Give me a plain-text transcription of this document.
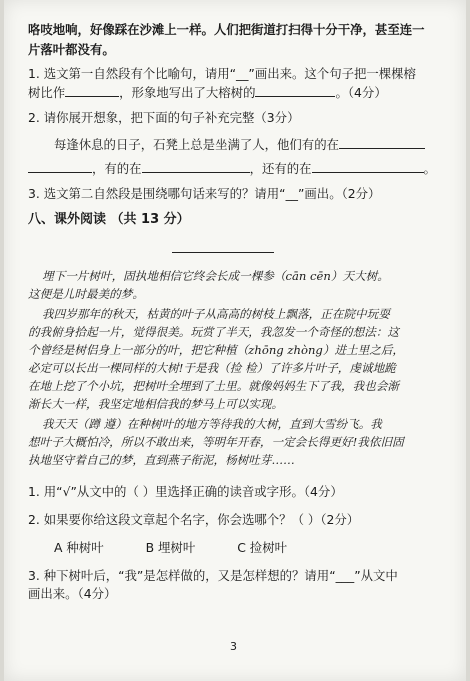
咯吱地响，好像踩在沙滩上一样。人们把街道打扫得十分干净，甚至连一
片落叶都没有。
1. 选文第一自然段有个比喻句，请用“__”画出来。这个句子把一棵棵榕
树比作	，形象地写出了大榕树的	。（4分）
2. 请你展开想象，把下面的句子补充完整（3分）
每逢休息的日子，石凳上总是坐满了人，他们有的在
，有的在	，还有的在	。
3. 选文第二自然段是围绕哪句话来写的？请用“__”画出。（2分）
八、课外阅读 （共 13 分）
埋下一片树叶，固执地相信它终会长成一棵参（cān cēn）天大树。
这便是儿时最美的梦。
我四岁那年的秋天，枯黄的叶子从高高的树枝上飘落，正在院中玩耍
的我俯身拾起一片，觉得很美。玩赏了半天，我忽发一个奇怪的想法：这
个曾经是树侣身上一部分的叶，把它种植（zhōng zhòng）进土里之后，
必定可以长出一棵同样的大树!于是我（捡 检）了许多片叶子，虔诚地跪
在地上挖了个小坑，把树叶全埋到了土里。就像妈妈生下了我，我也会渐
渐长大一样，我坚定地相信我的梦马上可以实现。
我天天（蹲 遵）在种树叶的地方等待我的大树，直到大雪纷飞。我
想叶子大概怕冷，所以不敢出来，等明年开春，一定会长得更好!我依旧固
执地坚守着自己的梦，直到燕子衔泥，杨树吐芽……
1. 用“√”从文中的（ ）里选择正确的读音或字形。（4分）
2. 如果要你给这段文章起个名字，你会选哪个？（ ）（2分）
A 种树叶	B 埋树叶	C 捡树叶
3. 种下树叶后，“我”是怎样做的，又是怎样想的？请用“___”从文中
画出来。（4分）
3
